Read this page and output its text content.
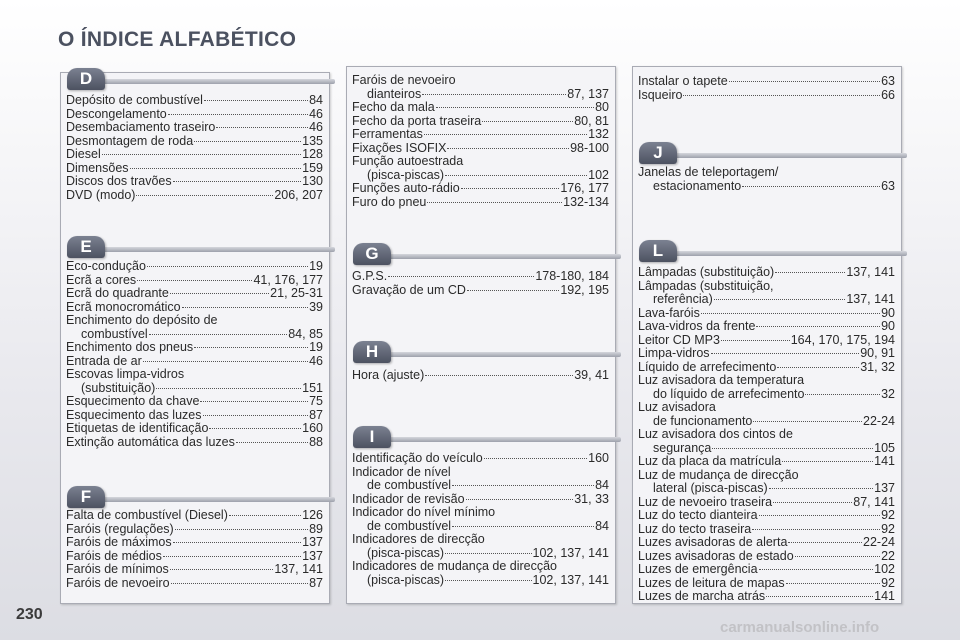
O ÍNDICE ALFABÉTICO
D
Depósito de combustível	84
Descongelamento	46
Desembaciamento traseiro	46
Desmontagem de roda	135
Diesel	128
Dimensões	159
Discos dos travões	130
DVD (modo)	206, 207
E
Eco-condução	19
Ecrã a cores	41, 176, 177
Ecrã do quadrante	21, 25-31
Ecrã monocromático	39
Enchimento do depósito de
combustível	84, 85
Enchimento dos pneus	19
Entrada de ar	46
Escovas limpa-vidros
(substituição)	151
Esquecimento da chave	75
Esquecimento das luzes	87
Etiquetas de identificação	160
Extinção automática das luzes	88
F
Falta de combustível (Diesel)	126
Faróis (regulações)	89
Faróis de máximos	137
Faróis de médios	137
Faróis de mínimos	137, 141
Faróis de nevoeiro	87
Faróis de nevoeiro
dianteiros	87, 137
Fecho da mala	80
Fecho da porta traseira	80, 81
Ferramentas	132
Fixações ISOFIX	98-100
Função autoestrada
(pisca-piscas)	102
Funções auto-rádio	176, 177
Furo do pneu	132-134
G
G.P.S.	178-180, 184
Gravação de um CD	192, 195
H
Hora (ajuste)	39, 41
I
Identificação do veículo	160
Indicador de nível
de combustível	84
Indicador de revisão	31, 33
Indicador do nível mínimo
de combustível	84
Indicadores de direcção
(pisca-piscas)	102, 137, 141
Indicadores de mudança de direcção
(pisca-piscas)	102, 137, 141
Instalar o tapete	63
Isqueiro	66
J
Janelas de teleportagem/
estacionamento	63
L
Lâmpadas (substituição)	137, 141
Lâmpadas (substituição,
referência)	137, 141
Lava-faróis	90
Lava-vidros da frente	90
Leitor CD MP3	164, 170, 175, 194
Limpa-vidros	90, 91
Líquido de arrefecimento	31, 32
Luz avisadora da temperatura
do líquido de arrefecimento	32
Luz avisadora
de funcionamento	22-24
Luz avisadora dos cintos de
segurança	105
Luz da placa da matrícula	141
Luz de mudança de direcção
lateral (pisca-piscas)	137
Luz de nevoeiro traseira	87, 141
Luz do tecto dianteira	92
Luz do tecto traseira	92
Luzes avisadoras de alerta	22-24
Luzes avisadoras de estado	22
Luzes de emergência	102
Luzes de leitura de mapas	92
Luzes de marcha atrás	141
230
carmanualsonline.info
